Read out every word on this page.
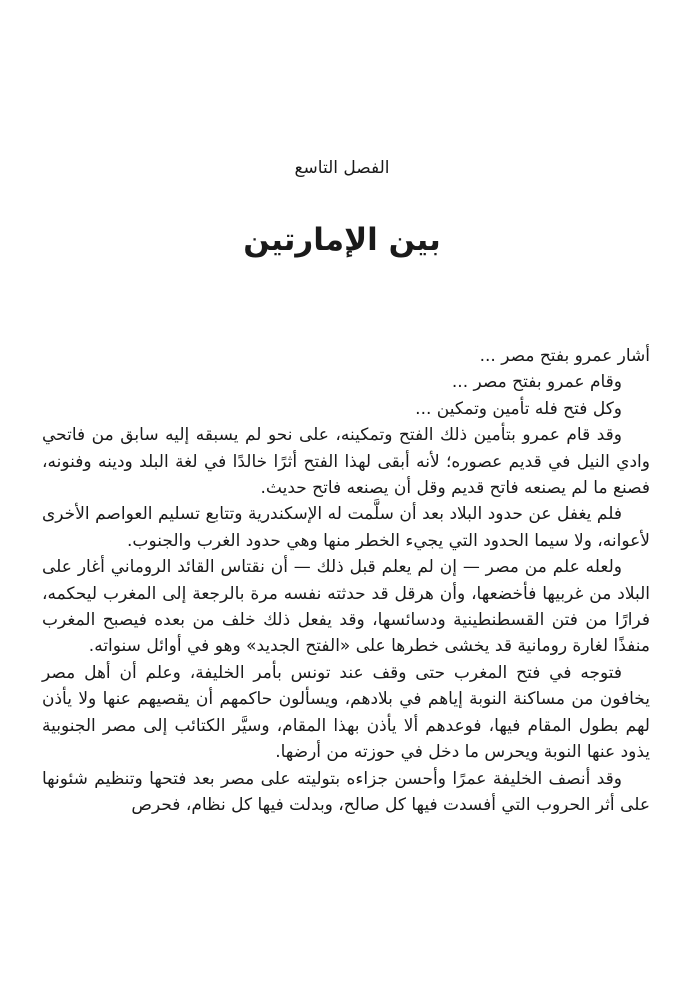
الفصل التاسع
بين الإمارتين

أشار عمرو بفتح مصر ...

وقام عمرو بفتح مصر ...

وكل فتح فله تأمين وتمكين ...

وقد قام عمرو بتأمين ذلك الفتح وتمكينه، على نحو لم يسبقه إليه سابق من فاتحي وادي النيل في قديم عصوره؛ لأنه أبقى لهذا الفتح أثرًا خالدًا في لغة البلد ودينه وفنونه، فصنع ما لم يصنعه فاتح قديم وقل أن يصنعه فاتح حديث.

فلم يغفل عن حدود البلاد بعد أن سلَّمت له الإسكندرية وتتابع تسليم العواصم الأخرى لأعوانه، ولا سيما الحدود التي يجيء الخطر منها وهي حدود الغرب والجنوب.

ولعله علم من مصر — إن لم يعلم قبل ذلك — أن نقتاس القائد الروماني أغار على البلاد من غربيها فأخضعها، وأن هرقل قد حدثته نفسه مرة بالرجعة إلى المغرب ليحكمه، فرارًا من فتن القسطنطينية ودسائسها، وقد يفعل ذلك خلف من بعده فيصبح المغرب منفذًا لغارة رومانية قد يخشى خطرها على «الفتح الجديد» وهو في أوائل سنواته.

فتوجه في فتح المغرب حتى وقف عند تونس بأمر الخليفة، وعلم أن أهل مصر يخافون من مساكنة النوبة إياهم في بلادهم، ويسألون حاكمهم أن يقصيهم عنها ولا يأذن لهم بطول المقام فيها، فوعدهم ألا يأذن بهذا المقام، وسيَّر الكتائب إلى مصر الجنوبية يذود عنها النوبة ويحرس ما دخل في حوزته من أرضها.

وقد أنصف الخليفة عمرًا وأحسن جزاءه بتوليته على مصر بعد فتحها وتنظيم شئونها على أثر الحروب التي أفسدت فيها كل صالح، وبدلت فيها كل نظام، فحرص
